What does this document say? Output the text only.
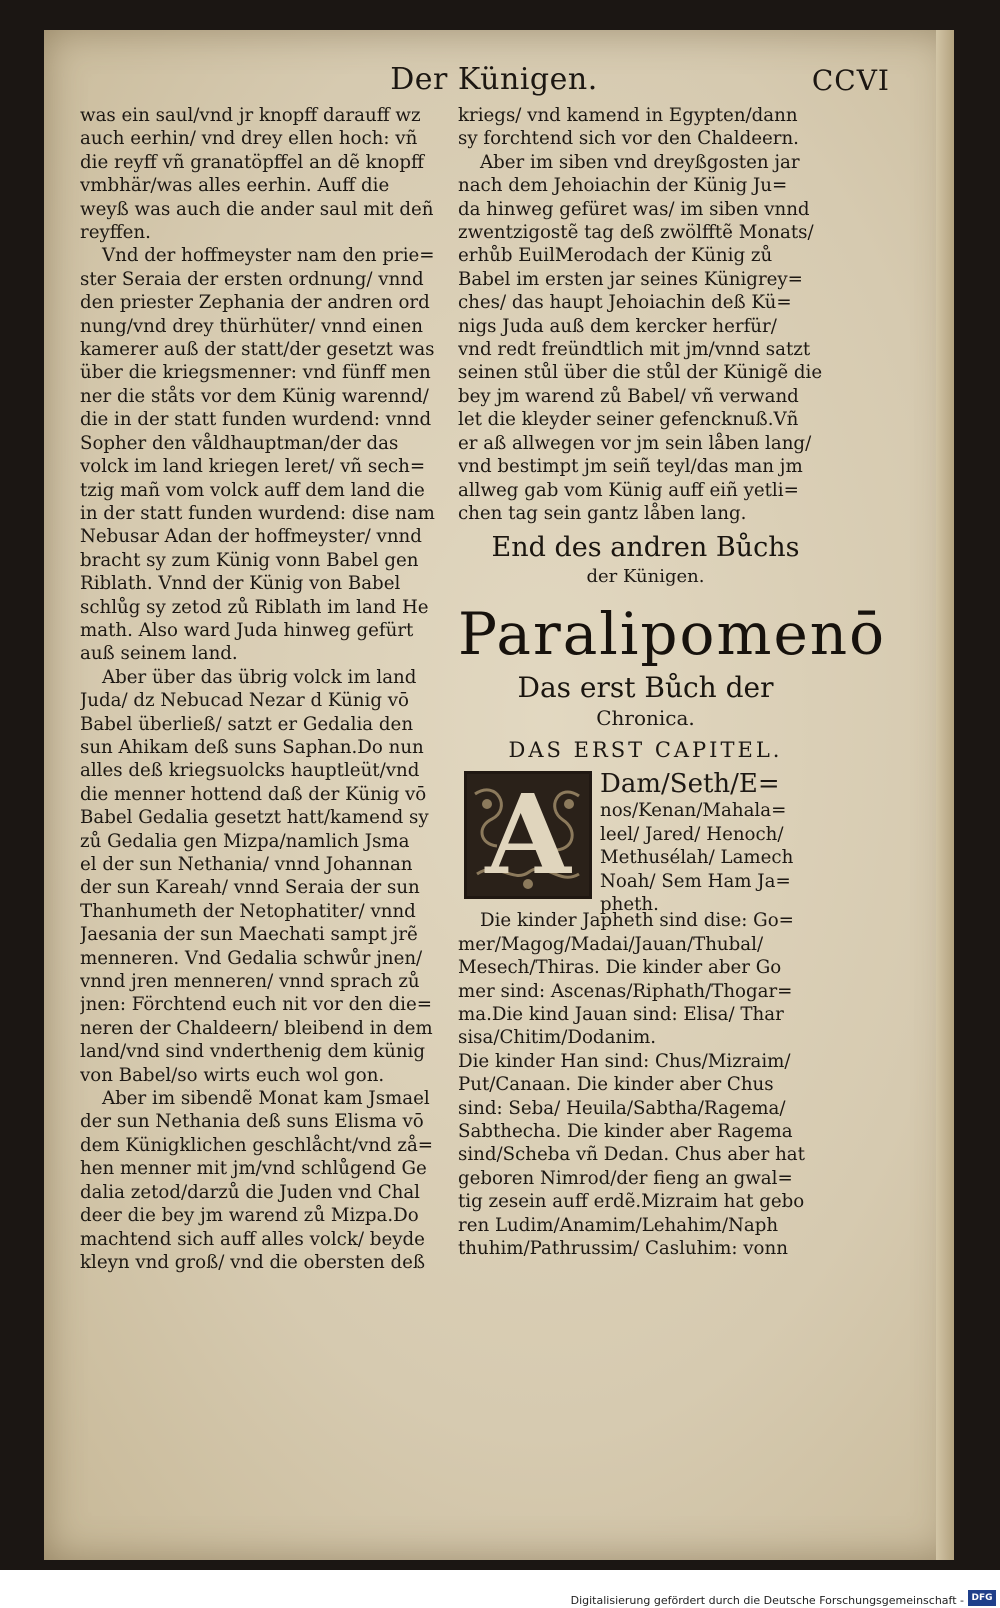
Der Künigen.	CCVI
was ein saul/vnd jr knopff darauff wz
auch eerhin/ vnd drey ellen hoch: vñ
die reyff vñ granatöpffel an dẽ knopff
vmbhär/was alles eerhin. Auff die
weyß was auch die ander saul mit deñ
reyffen.
Vnd der hoffmeyster nam den prie=
ster Seraia der ersten ordnung/ vnnd
den priester Zephania der andren ord
nung/vnd drey thürhüter/ vnnd einen
kamerer auß der statt/der gesetzt was
über die kriegsmenner: vnd fünff men
ner die ståts vor dem Künig warennd/
die in der statt funden wurdend: vnnd
Sopher den våldhauptman/der das
volck im land kriegen leret/ vñ sech=
tzig mañ vom volck auff dem land die
in der statt funden wurdend: dise nam
Nebusar Adan der hoffmeyster/ vnnd
bracht sy zum Künig vonn Babel gen
Riblath. Vnnd der Künig von Babel
schlůg sy zetod zů Riblath im land He
math. Also ward Juda hinweg gefürt
auß seinem land.
Aber über das übrig volck im land
Juda/ dz Nebucad Nezar d Künig vō
Babel überließ/ satzt er Gedalia den
sun Ahikam deß suns Saphan.Do nun
alles deß kriegsuolcks hauptleüt/vnd
die menner hottend daß der Künig vō
Babel Gedalia gesetzt hatt/kamend sy
zů Gedalia gen Mizpa/namlich Jsma
el der sun Nethania/ vnnd Johannan
der sun Kareah/ vnnd Seraia der sun
Thanhumeth der Netophatiter/ vnnd
Jaesania der sun Maechati sampt jrẽ
menneren. Vnd Gedalia schwůr jnen/
vnnd jren menneren/ vnnd sprach zů
jnen: Förchtend euch nit vor den die=
neren der Chaldeern/ bleibend in dem
land/vnd sind vnderthenig dem künig
von Babel/so wirts euch wol gon.
Aber im sibendẽ Monat kam Jsmael
der sun Nethania deß suns Elisma vō
dem Künigklichen geschlåcht/vnd zå=
hen menner mit jm/vnd schlůgend Ge
dalia zetod/darzů die Juden vnd Chal
deer die bey jm warend zů Mizpa.Do
machtend sich auff alles volck/ beyde
kleyn vnd groß/ vnd die obersten deß
kriegs/ vnd kamend in Egypten/dann
sy forchtend sich vor den Chaldeern.
Aber im siben vnd dreyßgosten jar
nach dem Jehoiachin der Künig Ju=
da hinweg gefüret was/ im siben vnnd
zwentzigostẽ tag deß zwölfftẽ Monats/
erhůb EuilMerodach der Künig zů
Babel im ersten jar seines Künigrey=
ches/ das haupt Jehoiachin deß Kü=
nigs Juda auß dem kercker herfür/
vnd redt freündtlich mit jm/vnnd satzt
seinen stůl über die stůl der Künigẽ die
bey jm warend zů Babel/ vñ verwand
let die kleyder seiner gefencknuß.Vñ
er aß allwegen vor jm sein låben lang/
vnd bestimpt jm seiñ teyl/das man jm
allweg gab vom Künig auff eiñ yetli=
chen tag sein gantz låben lang.
End des andren Bůchs
der Künigen.
Paralipomenō
Das erst Bůch der
Chronica.
DAS ERST CAPITEL.
A	Dam/Seth/E=
nos/Kenan/Mahala=
leel/ Jared/ Henoch/
Methusélah/ Lamech
Noah/ Sem Ham Ja=
pheth.
Die kinder Japheth sind dise: Go=
mer/Magog/Madai/Jauan/Thubal/
Mesech/Thiras. Die kinder aber Go
mer sind: Ascenas/Riphath/Thogar=
ma.Die kind Jauan sind: Elisa/ Thar
sisa/Chitim/Dodanim.
Die kinder Han sind: Chus/Mizraim/
Put/Canaan. Die kinder aber Chus
sind: Seba/ Heuila/Sabtha/Ragema/
Sabthecha. Die kinder aber Ragema
sind/Scheba vñ Dedan. Chus aber hat
geboren Nimrod/der fieng an gwal=
tig zesein auff erdẽ.Mizraim hat gebo
ren Ludim/Anamim/Lehahim/Naph
thuhim/Pathrussim/ Casluhim: vonn
Digitalisierung gefördert durch die Deutsche Forschungsgemeinschaft - DFG
